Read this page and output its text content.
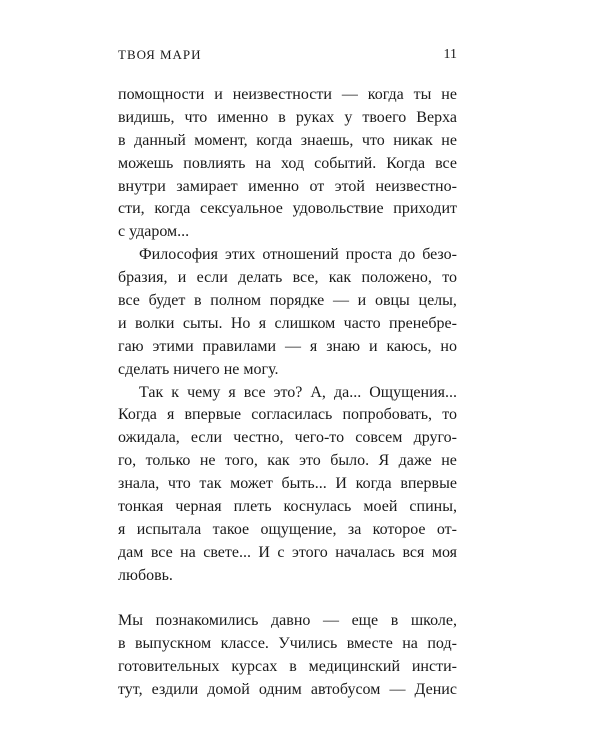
ТВОЯ МАРИ	11
помощности и неизвестности — когда ты не
видишь, что именно в руках у твоего Верха
в данный момент, когда знаешь, что никак не
можешь повлиять на ход событий. Когда все
внутри замирает именно от этой неизвестно-
сти, когда сексуальное удовольствие приходит
с ударом...
Философия этих отношений проста до безо-
бразия, и если делать все, как положено, то
все будет в полном порядке — и овцы целы,
и волки сыты. Но я слишком часто пренебре-
гаю этими правилами — я знаю и каюсь, но
сделать ничего не могу.
Так к чему я все это? А, да... Ощущения...
Когда я впервые согласилась попробовать, то
ожидала, если честно, чего-то совсем друго-
го, только не того, как это было. Я даже не
знала, что так может быть... И когда впервые
тонкая черная плеть коснулась моей спины,
я испытала такое ощущение, за которое от-
дам все на свете... И с этого началась вся моя
любовь.
Мы познакомились давно — еще в школе,
в выпускном классе. Учились вместе на под-
готовительных курсах в медицинский инсти-
тут, ездили домой одним автобусом — Денис
